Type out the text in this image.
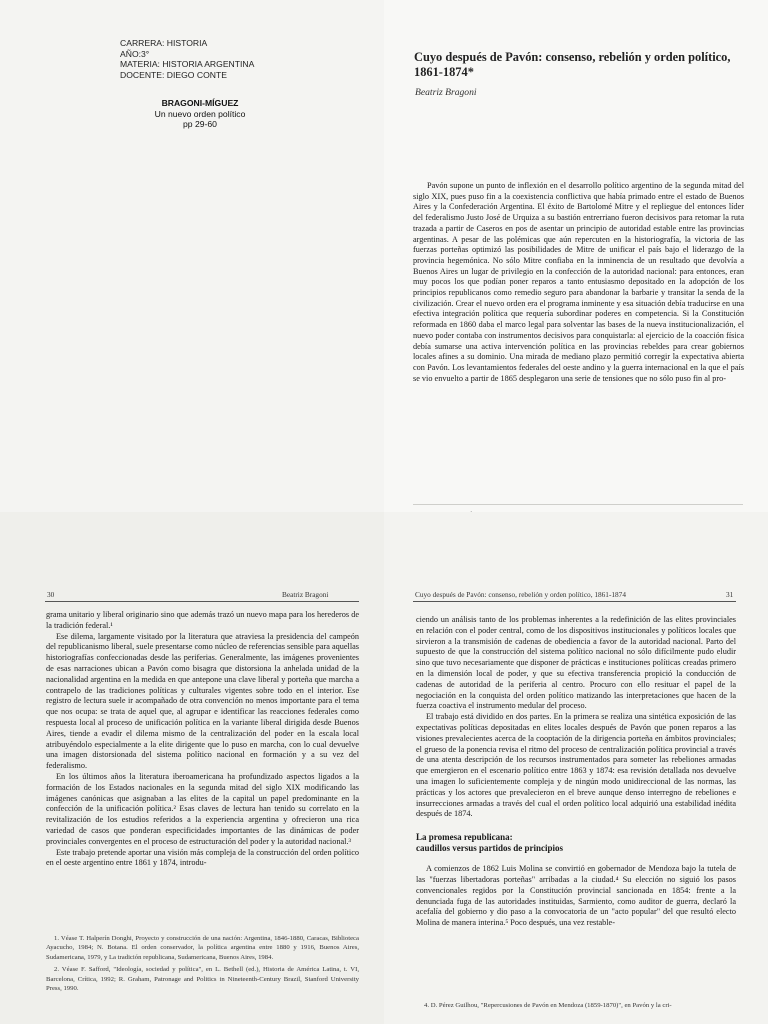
CARRERA: HISTORIA
AÑO:3°
MATERIA: HISTORIA ARGENTINA
DOCENTE: DIEGO CONTE
BRAGONI-MÍGUEZ
Un nuevo orden político
pp 29-60
Cuyo después de Pavón: consenso, rebelión y orden político, 1861-1874*
Beatriz Bragoni

Pavón supone un punto de inflexión en el desarrollo político argentino de la segunda mitad del siglo XIX, pues puso fin a la coexistencia conflictiva que había primado entre el estado de Buenos Aires y la Confederación Argentina. El éxito de Bartolomé Mitre y el repliegue del entonces líder del federalismo Justo José de Urquiza a su bastión entrerriano fueron decisivos para retomar la ruta trazada a partir de Caseros en pos de asentar un principio de autoridad estable entre las provincias argentinas. A pesar de las polémicas que aún repercuten en la historiografía, la victoria de las fuerzas porteñas optimizó las posibilidades de Mitre de unificar el país bajo el liderazgo de la provincia hegemónica. No sólo Mitre confiaba en la inminencia de un resultado que devolvía a Buenos Aires un lugar de privilegio en la confección de la autoridad nacional: para entonces, eran muy pocos los que podían poner reparos a tanto entusiasmo depositado en la adopción de los principios republicanos como remedio seguro para abandonar la barbarie y transitar la senda de la civilización. Crear el nuevo orden era el programa inminente y esa situación debía traducirse en una efectiva integración política que requería subordinar poderes en competencia. Si la Constitución reformada en 1860 daba el marco legal para solventar las bases de la nueva institucionalización, el nuevo poder contaba con instrumentos decisivos para conquistarla: al ejercicio de la coacción física debía sumarse una activa intervención política en las provincias rebeldes para crear gobiernos locales afines a su dominio. Una mirada de mediano plazo permitió corregir la expectativa abierta con Pavón. Los levantamientos federales del oeste andino y la guerra internacional en la que el país se vio envuelto a partir de 1865 desplegaron una serie de tensiones que no sólo puso fin al pro-

30	Beatriz Bragoni

grama unitario y liberal originario sino que además trazó un nuevo mapa para los herederos de la tradición federal.¹

Ese dilema, largamente visitado por la literatura que atraviesa la presidencia del campeón del republicanismo liberal, suele presentarse como núcleo de referencias sensible para aquellas historiografías confeccionadas desde las periferias. Generalmente, las imágenes provenientes de esas narraciones ubican a Pavón como bisagra que distorsiona la anhelada unidad de la nacionalidad argentina en la medida en que antepone una clave liberal y porteña que marcha a contrapelo de las tradiciones políticas y culturales vigentes sobre todo en el interior. Ese registro de lectura suele ir acompañado de otra convención no menos importante para el tema que nos ocupa: se trata de aquel que, al agrupar e identificar las reacciones federales como respuesta local al proceso de unificación política en la variante liberal dirigida desde Buenos Aires, tiende a evadir el dilema mismo de la centralización del poder en la escala local atribuyéndolo especialmente a la elite dirigente que lo puso en marcha, con lo cual devuelve una imagen distorsionada del sistema político nacional en formación y a su vez del federalismo.

En los últimos años la literatura iberoamericana ha profundizado aspectos ligados a la formación de los Estados nacionales en la segunda mitad del siglo XIX modificando las imágenes canónicas que asignaban a las elites de la capital un papel predominante en la confección de la unificación política.² Esas claves de lectura han tenido su correlato en la revitalización de los estudios referidos a la experiencia argentina y ofrecieron una rica variedad de casos que ponderan especificidades importantes de las dinámicas de poder provinciales convergentes en el proceso de estructuración del poder y la autoridad nacional.³

Este trabajo pretende aportar una visión más compleja de la construcción del orden político en el oeste argentino entre 1861 y 1874, introdu-

1. Véase T. Halperín Donghi, Proyecto y construcción de una nación: Argentina, 1846-1880, Caracas, Biblioteca Ayacucho, 1984; N. Botana. El orden conservador, la política argentina entre 1880 y 1916, Buenos Aires, Sudamericana, 1979, y La tradición republicana, Sudamericana, Buenos Aires, 1984.

2. Véase F. Safford, "Ideología, sociedad y política", en L. Bethell (ed.), Historia de América Latina, t. VI, Barcelona, Crítica, 1992; R. Graham, Patronage and Politics in Nineteenth-Century Brazil, Stanford University Press, 1990.

Cuyo después de Pavón: consenso, rebelión y orden político, 1861-1874	31

ciendo un análisis tanto de los problemas inherentes a la redefinición de las elites provinciales en relación con el poder central, como de los dispositivos institucionales y políticos locales que sirvieron a la transmisión de cadenas de obediencia a favor de la autoridad nacional. Parto del supuesto de que la construcción del sistema político nacional no sólo difícilmente pudo eludir sino que tuvo necesariamente que disponer de prácticas e instituciones políticas creadas primero en la dimensión local de poder, y que su efectiva transferencia propició la conducción de cadenas de autoridad de la periferia al centro. Procuro con ello resituar el papel de la negociación en la conquista del orden político matizando las interpretaciones que hacen de la fuerza coactiva el instrumento medular del proceso.

El trabajo está dividido en dos partes. En la primera se realiza una sintética exposición de las expectativas políticas depositadas en elites locales después de Pavón que ponen reparos a las visiones prevalecientes acerca de la cooptación de la dirigencia porteña en ámbitos provinciales; el grueso de la ponencia revisa el ritmo del proceso de centralización política provincial a través de una atenta descripción de los recursos instrumentados para someter las rebeliones armadas que emergieron en el escenario político entre 1863 y 1874: esa revisión detallada nos devuelve una imagen lo suficientemente compleja y de ningún modo unidireccional de las normas, las prácticas y los actores que prevalecieron en el breve aunque denso interregno de rebeliones e insurrecciones armadas a través del cual el orden político local adquirió una estabilidad inédita después de 1874.

La promesa republicana:
caudillos versus partidos de principios

A comienzos de 1862 Luis Molina se convirtió en gobernador de Mendoza bajo la tutela de las "fuerzas libertadoras porteñas" arribadas a la ciudad.⁴ Su elección no siguió los pasos convencionales regidos por la Constitución provincial sancionada en 1854: frente a la denunciada fuga de las autoridades instituidas, Sarmiento, como auditor de guerra, declaró la acefalía del gobierno y dio paso a la convocatoria de un "acto popular" del que resultó electo Molina de manera interina.⁵ Poco después, una vez restable-

4. D. Pérez Guilhou, "Repercusiones de Pavón en Mendoza (1859-1870)", en Pavón y la cri-
